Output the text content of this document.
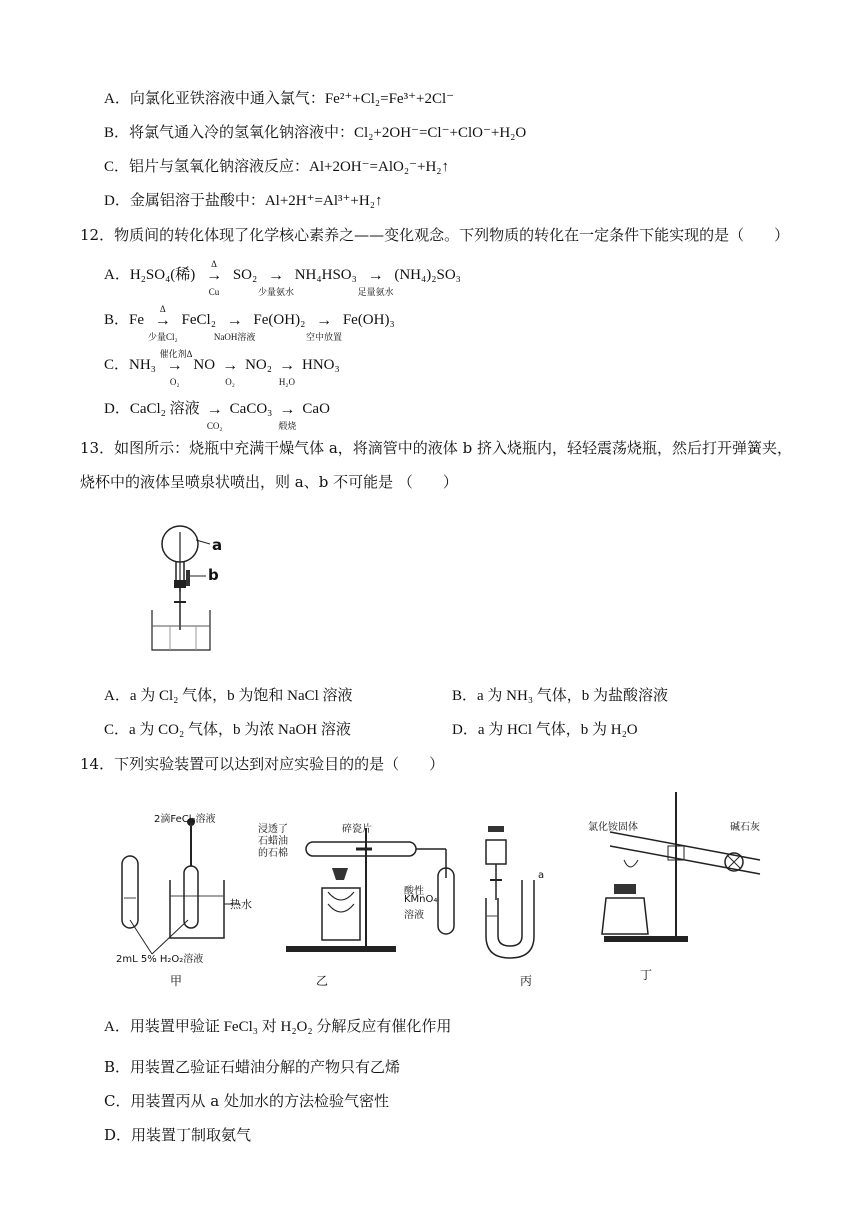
A．向氯化亚铁溶液中通入氯气：Fe²⁺+Cl₂=Fe³⁺+2Cl⁻
B．将氯气通入冷的氢氧化钠溶液中：Cl₂+2OH⁻=Cl⁻+ClO⁻+H₂O
C．铝片与氢氧化钠溶液反应：Al+2OH⁻=AlO₂⁻+H₂↑
D．金属铝溶于盐酸中：Al+2H⁺=Al³⁺+H₂↑
12．物质间的转化体现了化学核心素养之——变化观念。下列物质的转化在一定条件下能实现的是（　　）
A．H₂SO₄(稀)
Δ
→
Cu
SO₂ →
少量氨水
NH₄HSO₃ →
足量氨水
(NH₄)₂SO₃
B．Fe
Δ
→
少量Cl₂
FeCl₂ →
NaOH溶液
Fe(OH)₂ →
空中放置
Fe(OH)₃
C．NH₃
催化剂Δ
→
O₂
NO →
O₂
NO₂ →
H₂O
HNO₃
D．CaCl₂ 溶液 →
CO₂
CaCO₃ →
煅烧
CaO
13．如图所示：烧瓶中充满干燥气体 a，将滴管中的液体 b 挤入烧瓶内，轻轻震荡烧瓶，然后打开弹簧夹，
烧杯中的液体呈喷泉状喷出，则 a、b 不可能是 （　　）
a
b
A．a 为 Cl₂ 气体，b 为饱和 NaCl 溶液	B．a 为 NH₃ 气体，b 为盐酸溶液
C．a 为 CO₂ 气体，b 为浓 NaOH 溶液	D．a 为 HCl 气体，b 为 H₂O
14．下列实验装置可以达到对应实验目的的是（　　）
2滴FeCl₃溶液
热水
2mL 5% H₂O₂溶液
甲
浸透了
石蜡油
的石棉
碎瓷片
酸性
KMnO₄
溶液
乙
a
丙
氯化铵固体	碱石灰
丁
A．用装置甲验证 FeCl₃ 对 H₂O₂ 分解反应有催化作用
B．用装置乙验证石蜡油分解的产物只有乙烯
C．用装置丙从 a 处加水的方法检验气密性
D．用装置丁制取氨气
